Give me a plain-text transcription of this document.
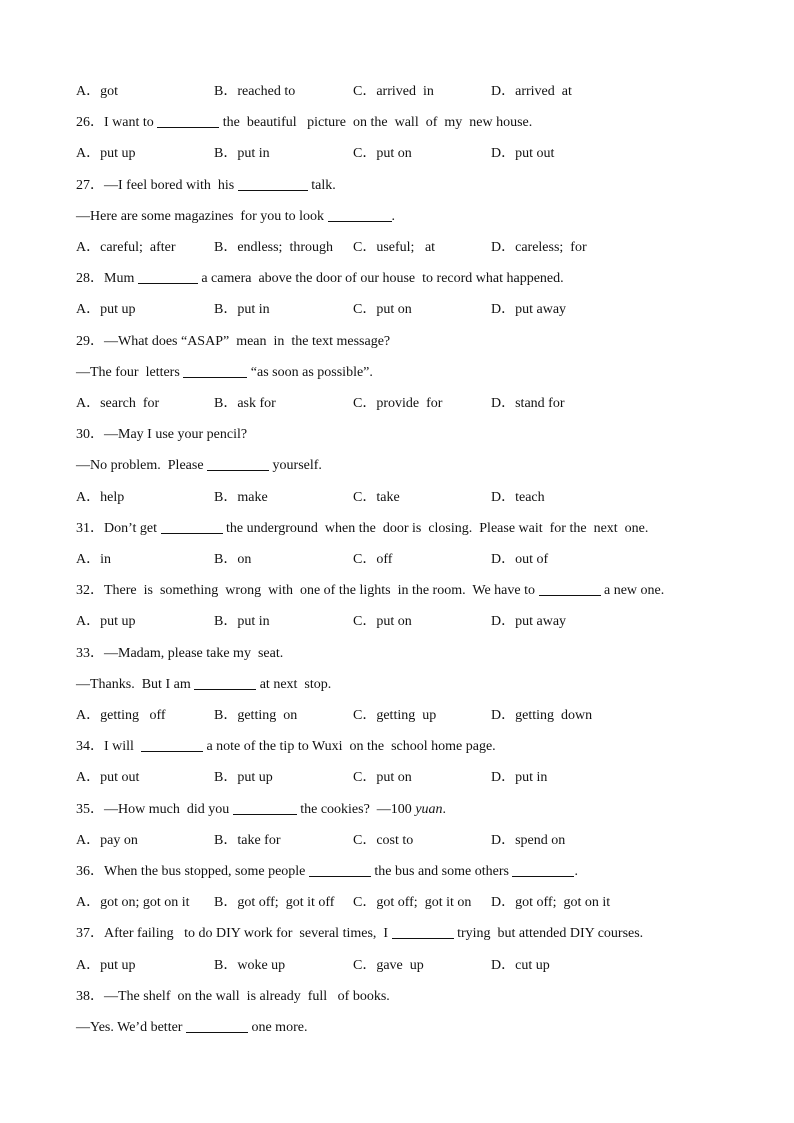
A．got	B．reached to	C．arrived  in	D．arrived  at
26．I want to	the  beautiful   picture  on the  wall  of  my  new house.
A．put up	B．put in	C．put on	D．put out
27．—I feel bored with  his	talk.
—Here are some magazines  for you to look	.
A．careful;  after	B．endless;  through C．useful;   at	D．careless;  for
28．Mum	a camera  above the door of our house  to record what happened.
A．put up	B．put in	C．put on	D．put away
29．—What does “ASAP”  mean  in  the text message?
—The four  letters	“as soon as possible”.
A．search  for	B．ask for	C．provide  for	D．stand for
30．—May I use your pencil?
—No problem.  Please	yourself.
A．help	B．make	C．take	D．teach
31．Don’t get	the underground  when the  door is  closing.  Please wait  for the  next  one.
A．in	B．on	C．off	D．out of
32．There  is  something  wrong  with  one of the lights  in the room.  We have to	a new one.
A．put up	B．put in	C．put on	D．put away
33．—Madam, please take my  seat.
—Thanks.  But I am	at next  stop.
A．getting   off	B．getting  on	C．getting  up	D．getting  down
34．I will	a note of the tip to Wuxi  on the  school home page.
A．put out	B．put up	C．put on	D．put in
35．—How much  did you	the cookies?  —100 yuan.
A．pay on	B．take for	C．cost to	D．spend on
36．When the bus stopped, some people	the bus and some others	.
A．got on; got on it B．got off;  got it off C．got off;  got it on D．got off;  got on it
37．After failing   to do DIY work for  several times,  I	trying  but attended DIY courses.
A．put up	B．woke up	C．gave  up	D．cut up
38．—The shelf  on the wall  is already  full   of books.
—Yes. We’d better	one more.
